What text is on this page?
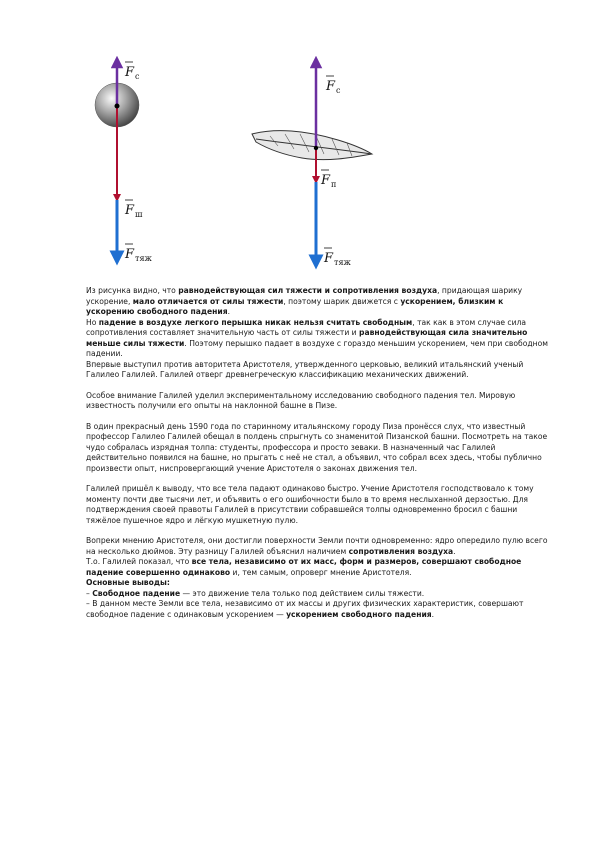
$F_с$
$F_ш$
$F_{тяж}$
$F_с$
$F_п$
$F_{тяж}$

Из рисунка видно, что равнодействующая сил тяжести и сопротивления воздуха, придающая шарику ускорение, мало отличается от силы тяжести, поэтому шарик движется с ускорением, близким к ускорению свободного падения.

Но падение в воздухе легкого перышка никак нельзя считать свободным, так как в этом случае сила сопротивления составляет значительную часть от силы тяжести и равнодействующая сила значительно меньше силы тяжести. Поэтому перышко падает в воздухе с гораздо меньшим ускорением, чем при свободном падении.

Впервые выступил против авторитета Аристотеля, утвержденного церковью, великий итальянский ученый Галилео Галилей. Галилей отверг древнегреческую классификацию механических движений.

Особое внимание Галилей уделил экспериментальному исследованию свободного падения тел. Мировую известность получили его опыты на наклонной башне в Пизе.

В один прекрасный день 1590 года по старинному итальянскому городу Пиза пронёсся слух, что известный профессор Галилео Галилей обещал в полдень спрыгнуть со знаменитой Пизанской башни. Посмотреть на такое чудо собралась изрядная толпа: студенты, профессора и просто зеваки. В назначенный час Галилей действительно появился на башне, но прыгать с неё не стал, а объявил, что собрал всех здесь, чтобы публично произвести опыт, ниспровергающий учение Аристотеля о законах движения тел.

Галилей пришёл к выводу, что все тела падают одинаково быстро. Учение Аристотеля господствовало к тому моменту почти две тысячи лет, и объявить о его ошибочности было в то время неслыханной дерзостью. Для подтверждения своей правоты Галилей в присутствии собравшейся толпы одновременно бросил с башни тяжёлое пушечное ядро и лёгкую мушкетную пулю.

Вопреки мнению Аристотеля, они достигли поверхности Земли почти одновременно: ядро опередило пулю всего на несколько дюймов. Эту разницу Галилей объяснил наличием сопротивления воздуха.

Т.о. Галилей показал, что все тела, независимо от их масс, форм и размеров, совершают свободное падение совершенно одинаково и, тем самым, опроверг мнение Аристотеля.

Основные выводы:

– Свободное падение — это движение тела только под действием силы тяжести.

– В данном месте Земли все тела, независимо от их массы и других физических характеристик, совершают свободное падение с одинаковым ускорением — ускорением свободного падения.
